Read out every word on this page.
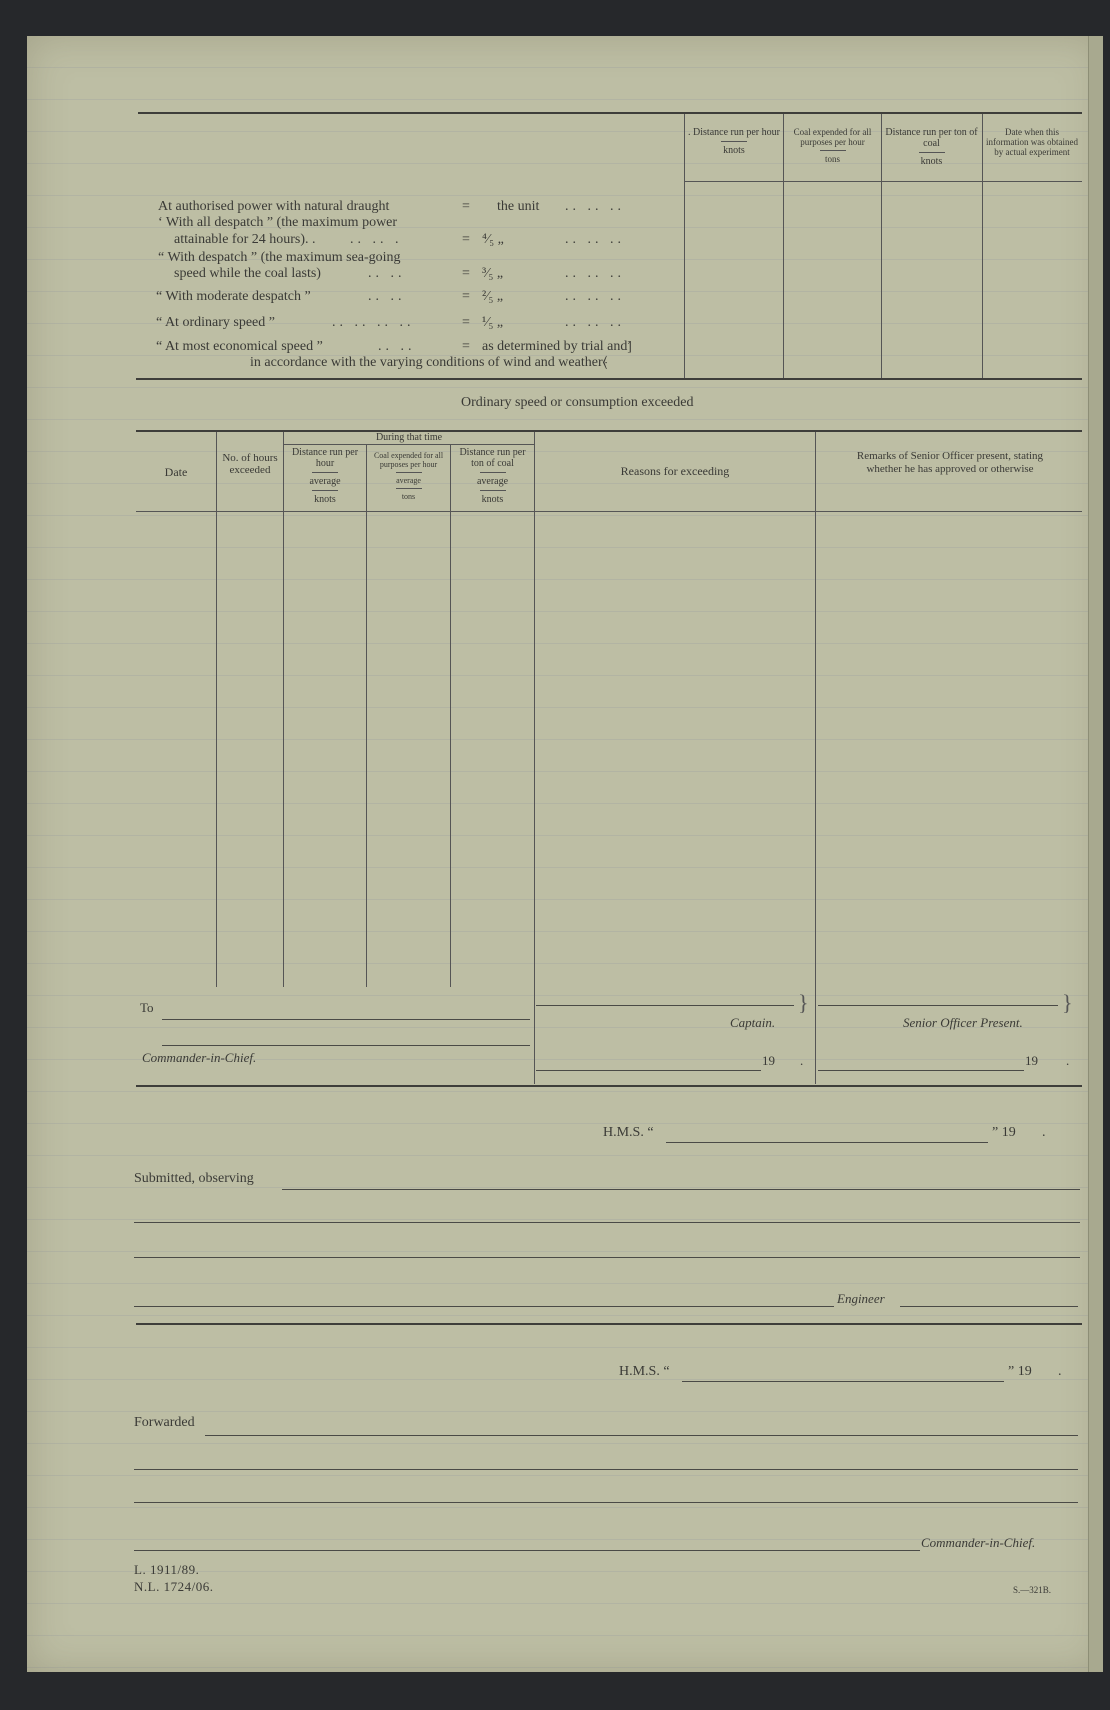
. Distance run per hour
knots
Coal expended for all purposes per hour
tons
Distance run per ton of coal
knots
Date when this information was obtained by actual experiment
At authorised power with natural draught	= the unit .. .. ..
‘ With all despatch ” (the maximum power
attainable for 24 hours). . .. .. .	= ⁴⁄₅ „	.. .. ..
“ With despatch ” (the maximum sea-going
speed while the coal lasts)	.. ..	= ³⁄₅ „	.. .. ..
“ With moderate despatch ”	.. ..	= ²⁄₅ „	.. .. ..
“ At ordinary speed ”	.. .. .. ..	= ¹⁄₅ „	.. .. ..
“ At most economical speed ”	.. ..	= as determined by trial and⦐
in accordance with the varying conditions of wind and weather⦑
Ordinary speed or consumption exceeded
Date
No. of hours exceeded
During that time
Distance run per hour
average
knots
Coal expended for all purposes per hour
average
tons
Distance run per ton of coal
average
knots
Reasons for exceeding
Remarks of Senior Officer present, stating whether he has approved or otherwise
To
Commander-in-Chief.
}
Captain.
19 .
}
Senior Officer Present.
19 .
H.M.S. “	” 19 .
Submitted, observing
Engineer
H.M.S. “	” 19 .
Forwarded
Commander-in-Chief.
L. 1911/89.
N.L. 1724/06.	S.—321B.
